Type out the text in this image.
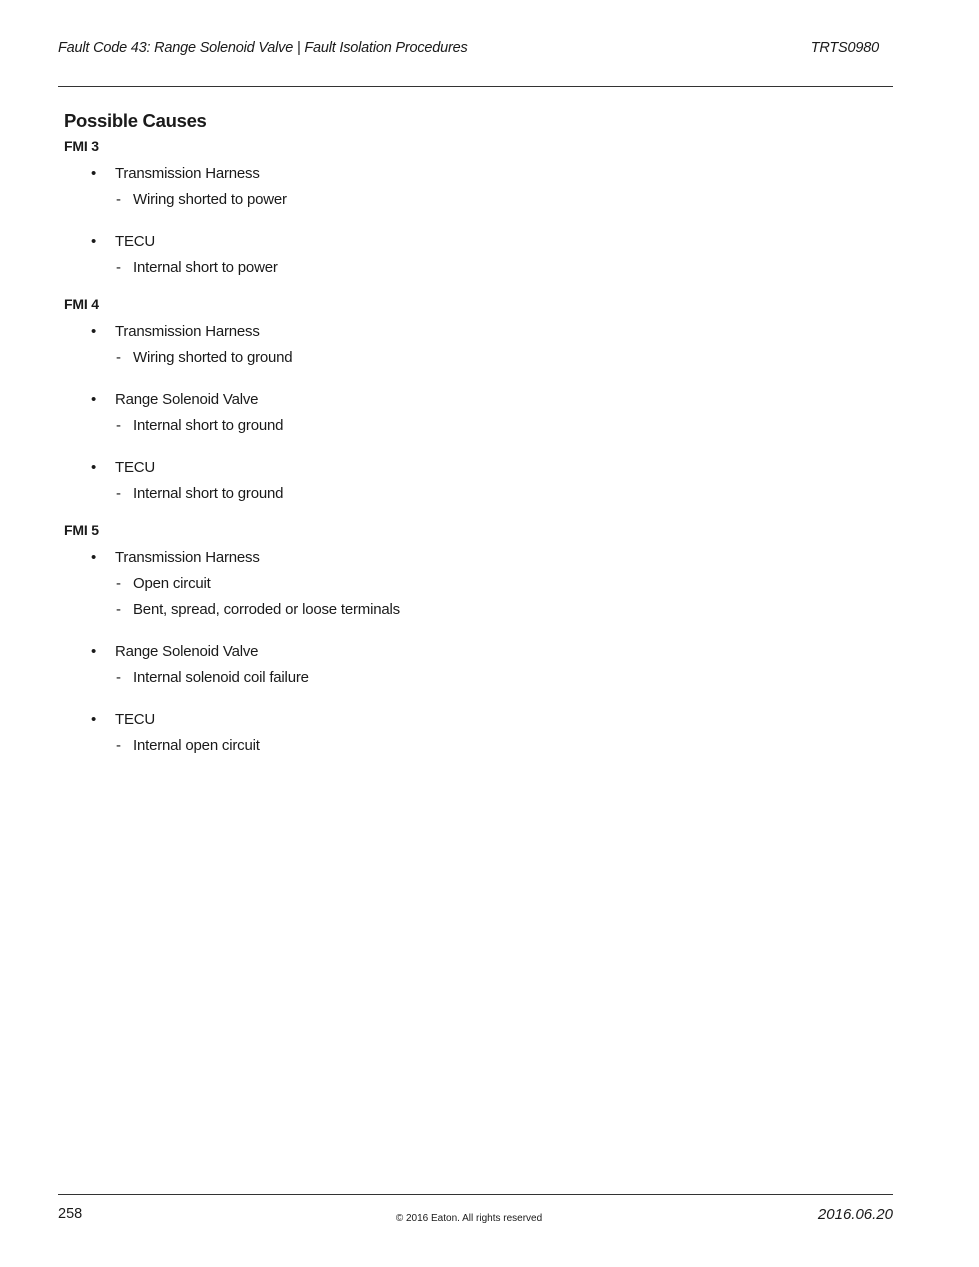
Fault Code 43: Range Solenoid Valve | Fault Isolation Procedures	TRTS0980
Possible Causes
FMI 3
• Transmission Harness
- Wiring shorted to power
• TECU
- Internal short to power
FMI 4
• Transmission Harness
- Wiring shorted to ground
• Range Solenoid Valve
- Internal short to ground
• TECU
- Internal short to ground
FMI 5
• Transmission Harness
- Open circuit
- Bent, spread, corroded or loose terminals
• Range Solenoid Valve
- Internal solenoid coil failure
• TECU
- Internal open circuit
258	© 2016 Eaton. All rights reserved	2016.06.20
